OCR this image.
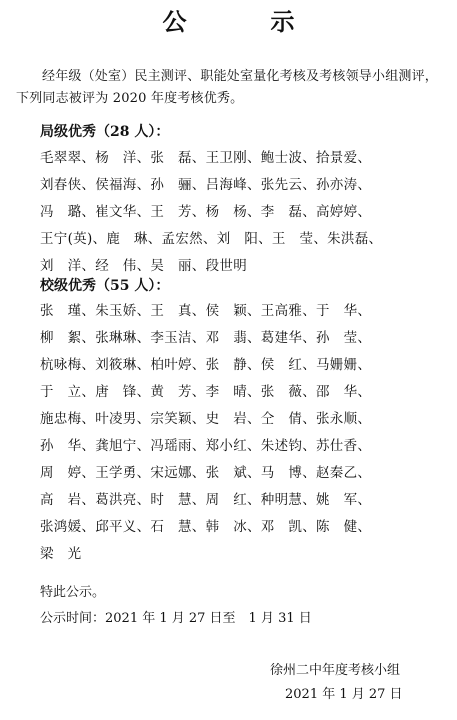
公　示
经年级（处室）民主测评、职能处室量化考核及考核领导小组测评，下列同志被评为 2020 年度考核优秀。
局级优秀（28 人）：
毛翠翠、杨　洋、张　磊、王卫刚、鲍士波、拾景爱、
刘春侠、侯福海、孙　骊、吕海峰、张先云、孙亦涛、
冯　璐、崔文华、王　芳、杨　杨、李　磊、高婷婷、
王宁(英)、鹿　琳、孟宏然、刘　阳、王　莹、朱洪磊、
刘　洋、经　伟、吴　丽、段世明
校级优秀（55 人）：
张　瑾、朱玉娇、王　真、侯　颖、王高雅、于　华、
柳　絮、张琳琳、李玉洁、邓　翡、葛建华、孙　莹、
杭咏梅、刘筱琳、柏叶婷、张　静、侯　红、马姗姗、
于　立、唐　锋、黄　芳、李　晴、张　薇、邵　华、
施忠梅、叶凌男、宗笑颖、史　岩、仝　倩、张永顺、
孙　华、龚旭宁、冯瑶雨、郑小红、朱述钧、苏仕香、
周　婷、王学勇、宋远娜、张　斌、马　博、赵秦乙、
高　岩、葛洪亮、时　慧、周　红、种明慧、姚　军、
张鸿媛、邱平义、石　慧、韩　冰、邓　凯、陈　健、
梁　光
特此公示。
公示时间：2021 年 1 月 27 日至　1 月 31 日
徐州二中年度考核小组
2021 年 1 月 27 日
